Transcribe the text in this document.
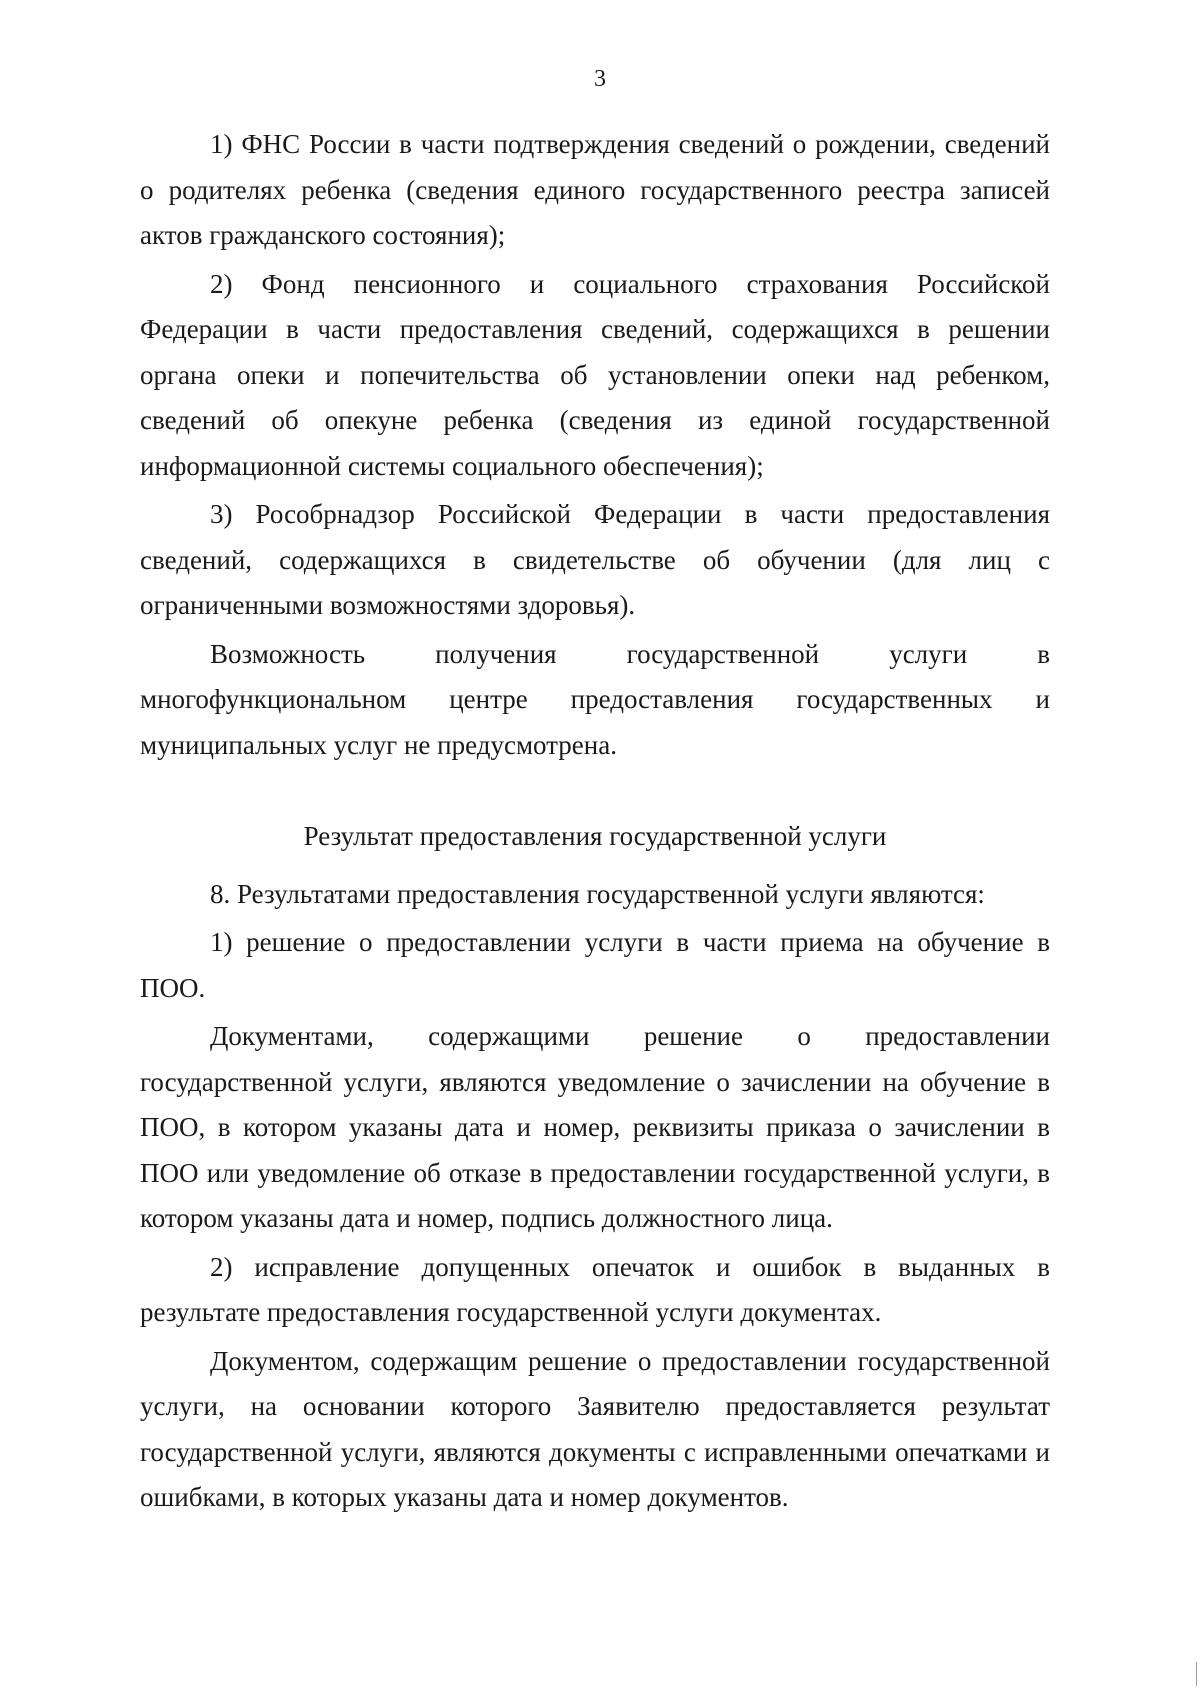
3

1) ФНС России в части подтверждения сведений о рождении, сведений о родителях ребенка (сведения единого государственного реестра записей актов гражданского состояния);

2) Фонд пенсионного и социального страхования Российской Федерации в части предоставления сведений, содержащихся в решении органа опеки и попечительства об установлении опеки над ребенком, сведений об опекуне ребенка (сведения из единой государственной информационной системы социального обеспечения);

3) Рособрнадзор Российской Федерации в части предоставления сведений, содержащихся в свидетельстве об обучении (для лиц с ограниченными возможностями здоровья).

Возможность получения государственной услуги в многофункциональном центре предоставления государственных и муниципальных услуг не предусмотрена.

Результат предоставления государственной услуги

8. Результатами предоставления государственной услуги являются:

1) решение о предоставлении услуги в части приема на обучение в ПОО.

Документами, содержащими решение о предоставлении государственной услуги, являются уведомление о зачислении на обучение в ПОО, в котором указаны дата и номер, реквизиты приказа о зачислении в ПОО или уведомление об отказе в предоставлении государственной услуги, в котором указаны дата и номер, подпись должностного лица.

2) исправление допущенных опечаток и ошибок в выданных в результате предоставления государственной услуги документах.

Документом, содержащим решение о предоставлении государственной услуги, на основании которого Заявителю предоставляется результат государственной услуги, являются документы с исправленными опечатками и ошибками, в которых указаны дата и номер документов.
